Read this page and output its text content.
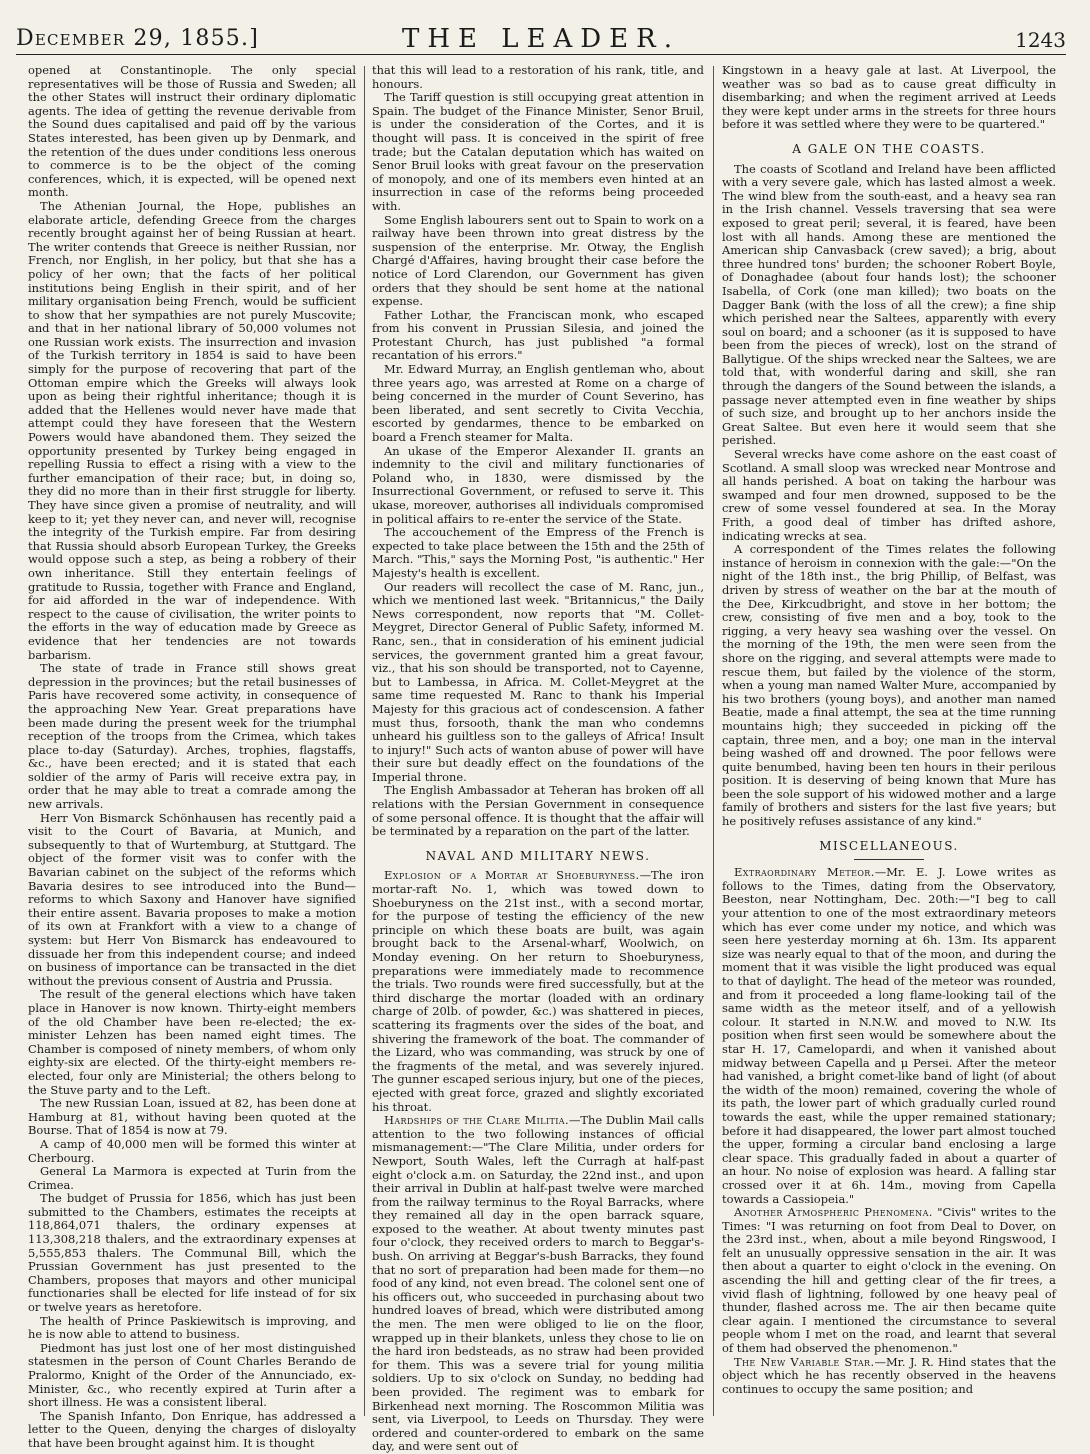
December 29, 1855.]	THE LEADER.	1243

opened at Constantinople. The only special representatives will be those of Russia and Sweden; all the other States will instruct their ordinary diplomatic agents. The idea of getting the revenue derivable from the Sound dues capitalised and paid off by the various States interested, has been given up by Denmark, and the retention of the dues under conditions less onerous to commerce is to be the object of the coming conferences, which, it is expected, will be opened next month.

The Athenian Journal, the Hope, publishes an elaborate article, defending Greece from the charges recently brought against her of being Russian at heart. The writer contends that Greece is neither Russian, nor French, nor English, in her policy, but that she has a policy of her own; that the facts of her political institutions being English in their spirit, and of her military organisation being French, would be sufficient to show that her sympathies are not purely Muscovite; and that in her national library of 50,000 volumes not one Russian work exists. The insurrection and invasion of the Turkish territory in 1854 is said to have been simply for the purpose of recovering that part of the Ottoman empire which the Greeks will always look upon as being their rightful inheritance; though it is added that the Hellenes would never have made that attempt could they have foreseen that the Western Powers would have abandoned them. They seized the opportunity presented by Turkey being engaged in repelling Russia to effect a rising with a view to the further emancipation of their race; but, in doing so, they did no more than in their first struggle for liberty. They have since given a promise of neutrality, and will keep to it; yet they never can, and never will, recognise the integrity of the Turkish empire. Far from desiring that Russia should absorb European Turkey, the Greeks would oppose such a step, as being a robbery of their own inheritance. Still they entertain feelings of gratitude to Russia, together with France and England, for aid afforded in the war of independence. With respect to the cause of civilisation, the writer points to the efforts in the way of education made by Greece as evidence that her tendencies are not towards barbarism.

The state of trade in France still shows great depression in the provinces; but the retail businesses of Paris have recovered some activity, in consequence of the approaching New Year. Great preparations have been made during the present week for the triumphal reception of the troops from the Crimea, which takes place to-day (Saturday). Arches, trophies, flagstaffs, &c., have been erected; and it is stated that each soldier of the army of Paris will receive extra pay, in order that he may able to treat a comrade among the new arrivals.

Herr Von Bismarck Schönhausen has recently paid a visit to the Court of Bavaria, at Munich, and subsequently to that of Wurtemburg, at Stuttgard. The object of the former visit was to confer with the Bavarian cabinet on the subject of the reforms which Bavaria desires to see introduced into the Bund—reforms to which Saxony and Hanover have signified their entire assent. Bavaria proposes to make a motion of its own at Frankfort with a view to a change of system: but Herr Von Bismarck has endeavoured to dissuade her from this independent course; and indeed on business of importance can be transacted in the diet without the previous consent of Austria and Prussia.

The result of the general elections which have taken place in Hanover is now known. Thirty-eight members of the old Chamber have been re-elected; the ex-minister Lehzen has been named eight times. The Chamber is composed of ninety members, of whom only eighty-six are elected. Of the thirty-eight members re-elected, four only are Ministerial; the others belong to the Stuve party and to the Left.

The new Russian Loan, issued at 82, has been done at Hamburg at 81, without having been quoted at the Bourse. That of 1854 is now at 79.

A camp of 40,000 men will be formed this winter at Cherbourg.

General La Marmora is expected at Turin from the Crimea.

The budget of Prussia for 1856, which has just been submitted to the Chambers, estimates the receipts at 118,864,071 thalers, the ordinary expenses at 113,308,218 thalers, and the extraordinary expenses at 5,555,853 thalers. The Communal Bill, which the Prussian Government has just presented to the Chambers, proposes that mayors and other municipal functionaries shall be elected for life instead of for six or twelve years as heretofore.

The health of Prince Paskiewitsch is improving, and he is now able to attend to business.

Piedmont has just lost one of her most distinguished statesmen in the person of Count Charles Berando de Pralormo, Knight of the Order of the Annunciado, ex-Minister, &c., who recently expired at Turin after a short illness. He was a consistent liberal.

The Spanish Infanto, Don Enrique, has addressed a letter to the Queen, denying the charges of disloyalty that have been brought against him. It is thought

that this will lead to a restoration of his rank, title, and honours.

The Tariff question is still occupying great attention in Spain. The budget of the Finance Minister, Senor Bruil, is under the consideration of the Cortes, and it is thought will pass. It is conceived in the spirit of free trade; but the Catalan deputation which has waited on Senor Bruil looks with great favour on the preservation of monopoly, and one of its members even hinted at an insurrection in case of the reforms being proceeded with.

Some English labourers sent out to Spain to work on a railway have been thrown into great distress by the suspension of the enterprise. Mr. Otway, the English Chargé d'Affaires, having brought their case before the notice of Lord Clarendon, our Government has given orders that they should be sent home at the national expense.

Father Lothar, the Franciscan monk, who escaped from his convent in Prussian Silesia, and joined the Protestant Church, has just published "a formal recantation of his errors."

Mr. Edward Murray, an English gentleman who, about three years ago, was arrested at Rome on a charge of being concerned in the murder of Count Severino, has been liberated, and sent secretly to Civita Vecchia, escorted by gendarmes, thence to be embarked on board a French steamer for Malta.

An ukase of the Emperor Alexander II. grants an indemnity to the civil and military functionaries of Poland who, in 1830, were dismissed by the Insurrectional Government, or refused to serve it. This ukase, moreover, authorises all individuals compromised in political affairs to re-enter the service of the State.

The accouchement of the Empress of the French is expected to take place between the 15th and the 25th of March. "This," says the Morning Post, "is authentic." Her Majesty's health is excellent.

Our readers will recollect the case of M. Ranc, jun., which we mentioned last week. "Britannicus," the Daily News correspondent, now reports that "M. Collet-Meygret, Director General of Public Safety, informed M. Ranc, sen., that in consideration of his eminent judicial services, the government granted him a great favour, viz., that his son should be transported, not to Cayenne, but to Lambessa, in Africa. M. Collet-Meygret at the same time requested M. Ranc to thank his Imperial Majesty for this gracious act of condescension. A father must thus, forsooth, thank the man who condemns unheard his guiltless son to the galleys of Africa! Insult to injury!" Such acts of wanton abuse of power will have their sure but deadly effect on the foundations of the Imperial throne.

The English Ambassador at Teheran has broken off all relations with the Persian Government in consequence of some personal offence. It is thought that the affair will be terminated by a reparation on the part of the latter.

NAVAL AND MILITARY NEWS.

Explosion of a Mortar at Shoeburyness.—The iron mortar-raft No. 1, which was towed down to Shoeburyness on the 21st inst., with a second mortar, for the purpose of testing the efficiency of the new principle on which these boats are built, was again brought back to the Arsenal-wharf, Woolwich, on Monday evening. On her return to Shoeburyness, preparations were immediately made to recommence the trials. Two rounds were fired successfully, but at the third discharge the mortar (loaded with an ordinary charge of 20lb. of powder, &c.) was shattered in pieces, scattering its fragments over the sides of the boat, and shivering the framework of the boat. The commander of the Lizard, who was commanding, was struck by one of the fragments of the metal, and was severely injured. The gunner escaped serious injury, but one of the pieces, ejected with great force, grazed and slightly excoriated his throat.

Hardships of the Clare Militia.—The Dublin Mail calls attention to the two following instances of official mismanagement:—"The Clare Militia, under orders for Newport, South Wales, left the Curragh at half-past eight o'clock a.m. on Saturday, the 22nd inst., and upon their arrival in Dublin at half-past twelve were marched from the railway terminus to the Royal Barracks, where they remained all day in the open barrack square, exposed to the weather. At about twenty minutes past four o'clock, they received orders to march to Beggar's-bush. On arriving at Beggar's-bush Barracks, they found that no sort of preparation had been made for them—no food of any kind, not even bread. The colonel sent one of his officers out, who succeeded in purchasing about two hundred loaves of bread, which were distributed among the men. The men were obliged to lie on the floor, wrapped up in their blankets, unless they chose to lie on the hard iron bedsteads, as no straw had been provided for them. This was a severe trial for young militia soldiers. Up to six o'clock on Sunday, no bedding had been provided. The regiment was to embark for Birkenhead next morning. The Roscommon Militia was sent, via Liverpool, to Leeds on Thursday. They were ordered and counter-ordered to embark on the same day, and were sent out of

Kingstown in a heavy gale at last. At Liverpool, the weather was so bad as to cause great difficulty in disembarking; and when the regiment arrived at Leeds they were kept under arms in the streets for three hours before it was settled where they were to be quartered."

A GALE ON THE COASTS.

The coasts of Scotland and Ireland have been afflicted with a very severe gale, which has lasted almost a week. The wind blew from the south-east, and a heavy sea ran in the Irish channel. Vessels traversing that sea were exposed to great peril; several, it is feared, have been lost with all hands. Among these are mentioned the American ship Canvasback (crew saved); a brig, about three hundred tons' burden; the schooner Robert Boyle, of Donaghadee (about four hands lost); the schooner Isabella, of Cork (one man killed); two boats on the Dagger Bank (with the loss of all the crew); a fine ship which perished near the Saltees, apparently with every soul on board; and a schooner (as it is supposed to have been from the pieces of wreck), lost on the strand of Ballytigue. Of the ships wrecked near the Saltees, we are told that, with wonderful daring and skill, she ran through the dangers of the Sound between the islands, a passage never attempted even in fine weather by ships of such size, and brought up to her anchors inside the Great Saltee. But even here it would seem that she perished.

Several wrecks have come ashore on the east coast of Scotland. A small sloop was wrecked near Montrose and all hands perished. A boat on taking the harbour was swamped and four men drowned, supposed to be the crew of some vessel foundered at sea. In the Moray Frith, a good deal of timber has drifted ashore, indicating wrecks at sea.

A correspondent of the Times relates the following instance of heroism in connexion with the gale:—"On the night of the 18th inst., the brig Phillip, of Belfast, was driven by stress of weather on the bar at the mouth of the Dee, Kirkcudbright, and stove in her bottom; the crew, consisting of five men and a boy, took to the rigging, a very heavy sea washing over the vessel. On the morning of the 19th, the men were seen from the shore on the rigging, and several attempts were made to rescue them, but failed by the violence of the storm, when a young man named Walter Mure, accompanied by his two brothers (young boys), and another man named Beatie, made a final attempt, the sea at the time running mountains high; they succeeded in picking off the captain, three men, and a boy; one man in the interval being washed off and drowned. The poor fellows were quite benumbed, having been ten hours in their perilous position. It is deserving of being known that Mure has been the sole support of his widowed mother and a large family of brothers and sisters for the last five years; but he positively refuses assistance of any kind."

MISCELLANEOUS.

Extraordinary Meteor.—Mr. E. J. Lowe writes as follows to the Times, dating from the Observatory, Beeston, near Nottingham, Dec. 20th:—"I beg to call your attention to one of the most extraordinary meteors which has ever come under my notice, and which was seen here yesterday morning at 6h. 13m. Its apparent size was nearly equal to that of the moon, and during the moment that it was visible the light produced was equal to that of daylight. The head of the meteor was rounded, and from it proceeded a long flame-looking tail of the same width as the meteor itself, and of a yellowish colour. It started in N.N.W. and moved to N.W. Its position when first seen would be somewhere about the star H. 17, Camelopardi, and when it vanished about midway between Capella and μ Persei. After the meteor had vanished, a bright comet-like band of light (of about the width of the moon) remained, covering the whole of its path, the lower part of which gradually curled round towards the east, while the upper remained stationary; before it had disappeared, the lower part almost touched the upper, forming a circular band enclosing a large clear space. This gradually faded in about a quarter of an hour. No noise of explosion was heard. A falling star crossed over it at 6h. 14m., moving from Capella towards a Cassiopeia."

Another Atmospheric Phenomena. "Civis" writes to the Times: "I was returning on foot from Deal to Dover, on the 23rd inst., when, about a mile beyond Ringswood, I felt an unusually oppressive sensation in the air. It was then about a quarter to eight o'clock in the evening. On ascending the hill and getting clear of the fir trees, a vivid flash of lightning, followed by one heavy peal of thunder, flashed across me. The air then became quite clear again. I mentioned the circumstance to several people whom I met on the road, and learnt that several of them had observed the phenomenon."

The New Variable Star.—Mr. J. R. Hind states that the object which he has recently observed in the heavens continues to occupy the same position; and
